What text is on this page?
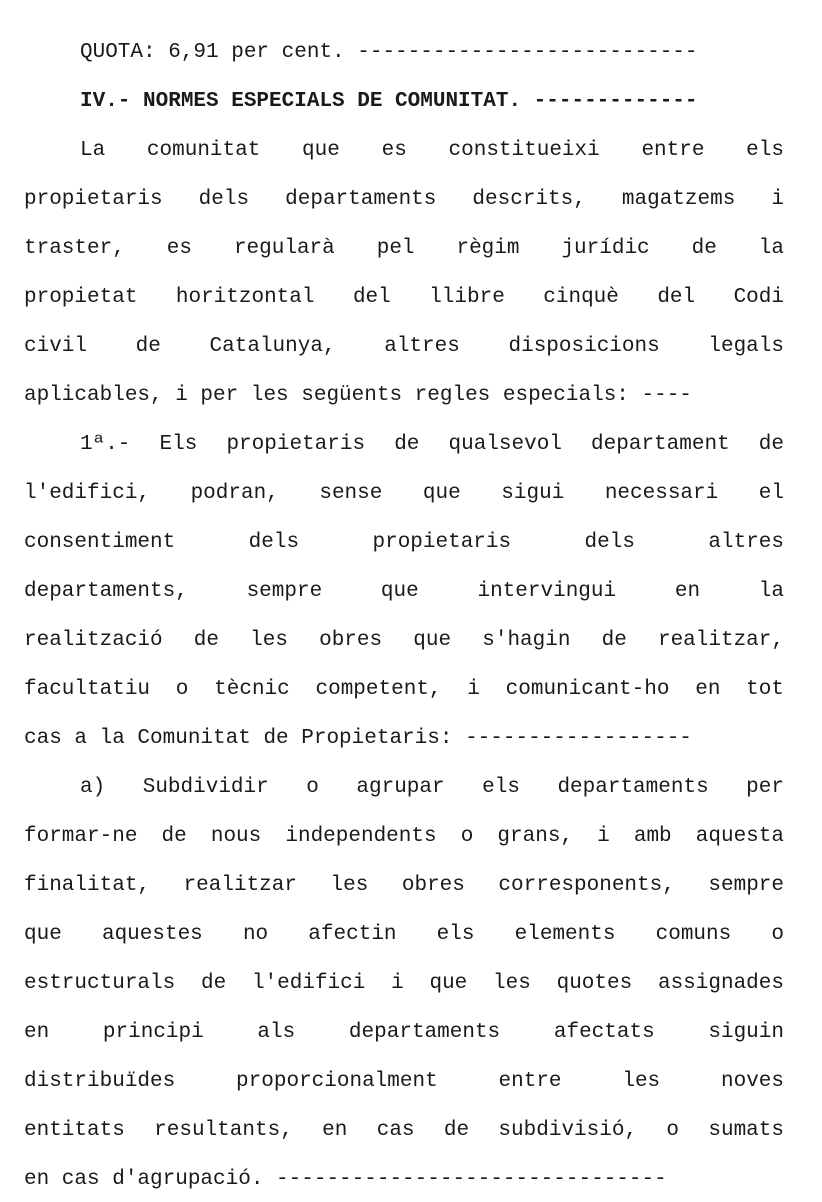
QUOTA: 6,91 per cent. ---------------------------
IV.- NORMES ESPECIALS DE COMUNITAT. -------------
La comunitat que es constitueixi entre els
propietaris dels departaments descrits, magatzems i
traster, es regularà pel règim jurídic de la
propietat horitzontal del llibre cinquè del Codi
civil de Catalunya, altres disposicions legals
aplicables, i per les següents regles especials: ----
1ª.- Els propietaris de qualsevol departament de
l'edifici, podran, sense que sigui necessari el
consentiment dels propietaris dels altres
departaments, sempre que intervingui en la
realització de les obres que s'hagin de realitzar,
facultatiu o tècnic competent, i comunicant-ho en tot
cas a la Comunitat de Propietaris: ------------------
a) Subdividir o agrupar els departaments per
formar-ne de nous independents o grans, i amb aquesta
finalitat, realitzar les obres corresponents, sempre
que aquestes no afectin els elements comuns o
estructurals de l'edifici i que les quotes assignades
en principi als departaments afectats siguin
distribuïdes proporcionalment entre les noves
entitats resultants, en cas de subdivisió, o sumats
en cas d'agrupació. -------------------------------
